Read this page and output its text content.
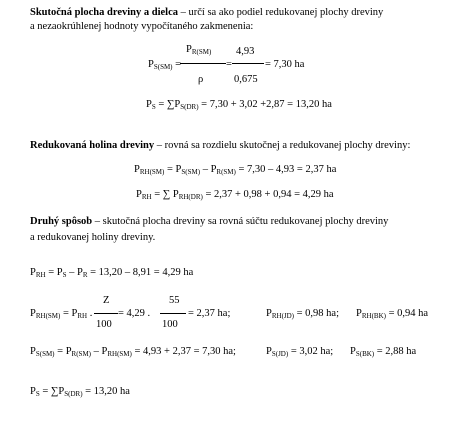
Skutočná plocha dreviny a dielca – určí sa ako podiel redukovanej plochy dreviny
a nezaokrúhlenej hodnoty vypočítaného zakmenenia:
$P_{S(SM)}$ =
$P_{R(SM)}$
ρ
=
4,93
0,675
= 7,30 ha
$P_S = \sum P_{S(DR)} = 7,30 + 3,02 +2,87 = 13,20$ ha
Redukovaná holina dreviny – rovná sa rozdielu skutočnej a redukovanej plochy dreviny:
$P_{RH(SM)} = P_{S(SM)} - P_{R(SM)} = 7,30 - 4,93 = 2,37$ ha
$P_{RH}$ = ∑ $P_{RH(DR)} = 2,37 + 0,98 + 0,94 = 4,29$ ha
Druhý spôsob – skutočná plocha dreviny sa rovná súčtu redukovanej plochy dreviny
a redukovanej holiny dreviny.
$P_{RH} = P_S - P_R = 13,20 - 8,91 = 4,29$ ha
$P_{RH(SM)} = P_{RH}$ .
Z
100
= 4,29 .
55
100
= 2,37 ha;	$P_{RH(JD)} = 0,98$ ha; $P_{RH(BK)} = 0,94$ ha
$P_{S(SM)} = P_{R(SM)} - P_{RH(SM)} = 4,93 + 2,37 = 7,30$ ha;	$P_{S(JD)} = 3,02$ ha; $P_{S(BK)} = 2,88$ ha
$P_S = \sum P_{S(DR)} = 13,20$ ha
